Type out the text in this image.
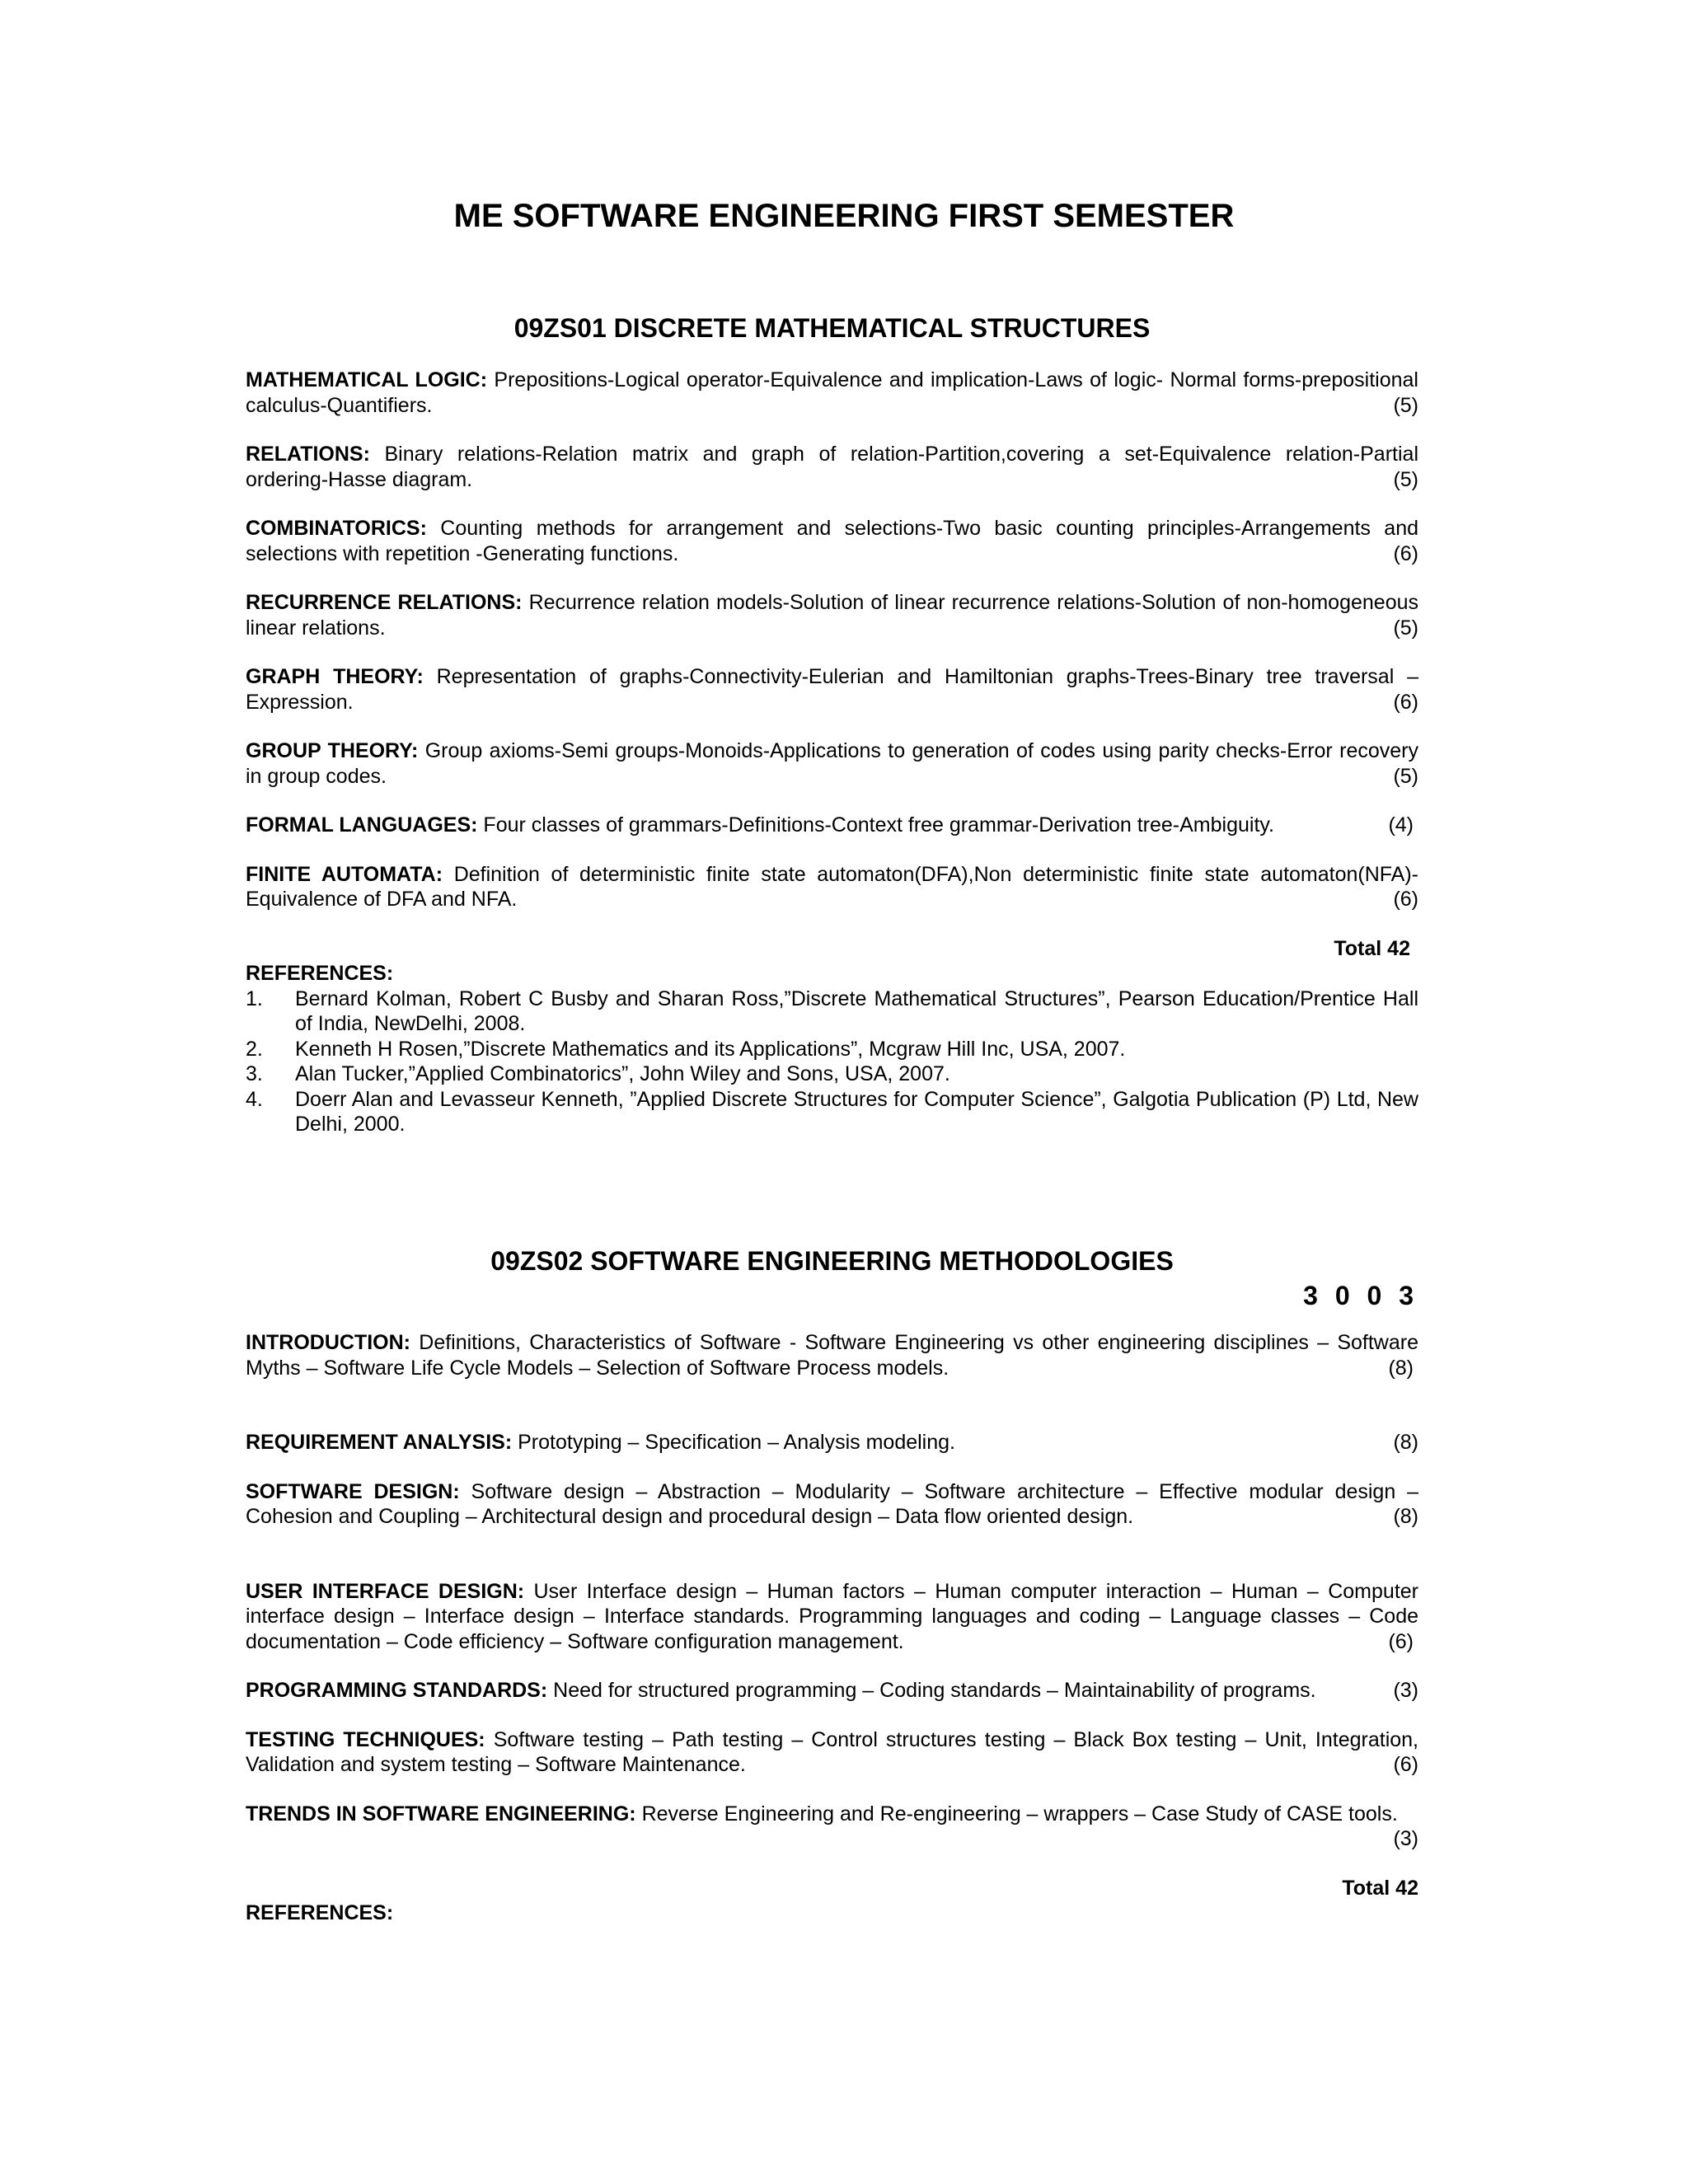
ME SOFTWARE ENGINEERING FIRST SEMESTER
09ZS01 DISCRETE MATHEMATICAL STRUCTURES

MATHEMATICAL LOGIC: Prepositions-Logical operator-Equivalence and implication-Laws of logic- Normal forms-prepositional calculus-Quantifiers.	(5)

RELATIONS: Binary relations-Relation matrix and graph of relation-Partition,covering a set-Equivalence relation-Partial ordering-Hasse diagram.	(5)

COMBINATORICS: Counting methods for arrangement and selections-Two basic counting principles-Arrangements and selections with repetition -Generating functions.	(6)

RECURRENCE RELATIONS: Recurrence relation models-Solution of linear recurrence relations-Solution of non-homogeneous linear relations.	(5)

GRAPH THEORY: Representation of graphs-Connectivity-Eulerian and Hamiltonian graphs-Trees-Binary tree traversal – Expression.	(6)

GROUP THEORY: Group axioms-Semi groups-Monoids-Applications to generation of codes using parity checks-Error recovery in group codes.	(5)

FORMAL LANGUAGES: Four classes of grammars-Definitions-Context free grammar-Derivation tree-Ambiguity.	(4)

FINITE AUTOMATA: Definition of deterministic finite state automaton(DFA),Non deterministic finite state automaton(NFA)- Equivalence of DFA and NFA.	(6)

Total 42

REFERENCES:

1. Bernard Kolman, Robert C Busby and Sharan Ross,”Discrete Mathematical Structures”, Pearson Education/Prentice Hall of India, NewDelhi, 2008.
2. Kenneth H Rosen,”Discrete Mathematics and its Applications”, Mcgraw Hill Inc, USA, 2007.
3. Alan Tucker,”Applied Combinatorics”, John Wiley and Sons, USA, 2007.
4. Doerr Alan and Levasseur Kenneth, ”Applied Discrete Structures for Computer Science”, Galgotia Publication (P) Ltd, New Delhi, 2000.
09ZS02 SOFTWARE ENGINEERING METHODOLOGIES

3 0 0 3

INTRODUCTION: Definitions, Characteristics of Software - Software Engineering vs other engineering disciplines – Software Myths – Software Life Cycle Models – Selection of Software Process models.	(8)

REQUIREMENT ANALYSIS: Prototyping – Specification – Analysis modeling.	(8)

SOFTWARE DESIGN: Software design – Abstraction – Modularity – Software architecture – Effective modular design – Cohesion and Coupling – Architectural design and procedural design – Data flow oriented design.	(8)

USER INTERFACE DESIGN: User Interface design – Human factors – Human computer interaction – Human – Computer interface design – Interface design – Interface standards. Programming languages and coding – Language classes – Code documentation – Code efficiency – Software configuration management.	(6)

PROGRAMMING STANDARDS: Need for structured programming – Coding standards – Maintainability of programs.	(3)

TESTING TECHNIQUES: Software testing – Path testing – Control structures testing – Black Box testing – Unit, Integration, Validation and system testing – Software Maintenance.	(6)

TRENDS IN SOFTWARE ENGINEERING: Reverse Engineering and Re-engineering – wrappers – Case Study of CASE tools.
(3)

Total 42

REFERENCES:
